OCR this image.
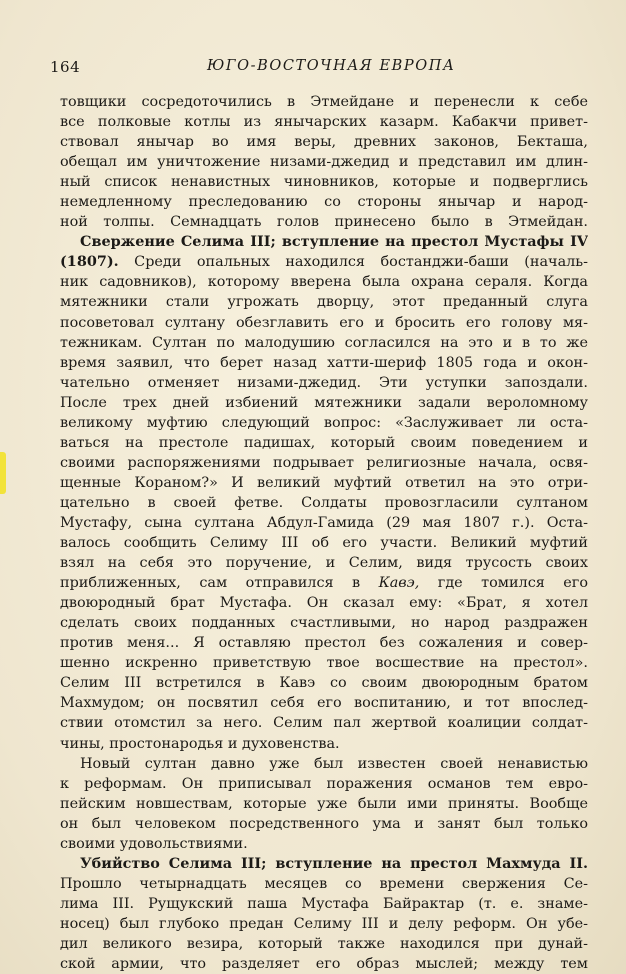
164	ЮГО-ВОСТОЧНАЯ ЕВРОПА
товщики сосредоточились в Этмейдане и перенесли к себе
все полковые котлы из янычарских казарм. Кабакчи привет-
ствовал янычар во имя веры, древних законов, Бекташа,
обещал им уничтожение низами-джедид и представил им длин-
ный список ненавистных чиновников, которые и подверглись
немедленному преследованию со стороны янычар и народ-
ной толпы. Семнадцать голов принесено было в Этмейдан.
Свержение Селима III; вступление на престол Мустафы IV
(1807). Среди опальных находился бостанджи-баши (началь-
ник садовников), которому вверена была охрана сераля. Когда
мятежники стали угрожать дворцу, этот преданный слуга
посоветовал султану обезглавить его и бросить его голову мя-
тежникам. Султан по малодушию согласился на это и в то же
время заявил, что берет назад хатти-шериф 1805 года и окон-
чательно отменяет низами-джедид. Эти уступки запоздали.
После трех дней избиений мятежники задали вероломному
великому муфтию следующий вопрос: «Заслуживает ли оста-
ваться на престоле падишах, который своим поведением и
своими распоряжениями подрывает религиозные начала, освя-
щенные Кораном?» И великий муфтий ответил на это отри-
цательно в своей фетве. Солдаты провозгласили султаном
Мустафу, сына султана Абдул-Гамида (29 мая 1807 г.). Оста-
валось сообщить Селиму III об его участи. Великий муфтий
взял на себя это поручение, и Селим, видя трусость своих
приближенных, сам отправился в Кавэ, где томился его
двоюродный брат Мустафа. Он сказал ему: «Брат, я хотел
сделать своих подданных счастливыми, но народ раздражен
против меня... Я оставляю престол без сожаления и совер-
шенно искренно приветствую твое восшествие на престол».
Селим III встретился в Кавэ со своим двоюродным братом
Махмудом; он посвятил себя его воспитанию, и тот впослед-
ствии отомстил за него. Селим пал жертвой коалиции солдат-
чины, простонародья и духовенства.
Новый султан давно уже был известен своей ненавистью
к реформам. Он приписывал поражения османов тем евро-
пейским новшествам, которые уже были ими приняты. Вообще
он был человеком посредственного ума и занят был только
своими удовольствиями.
Убийство Селима III; вступление на престол Махмуда II.
Прошло четырнадцать месяцев со времени свержения Се-
лима III. Рущукский паша Мустафа Байрактар (т. е. знаме-
носец) был глубоко предан Селиму III и делу реформ. Он убе-
дил великого везира, который также находился при дунай-
ской армии, что разделяет его образ мыслей; между тем
